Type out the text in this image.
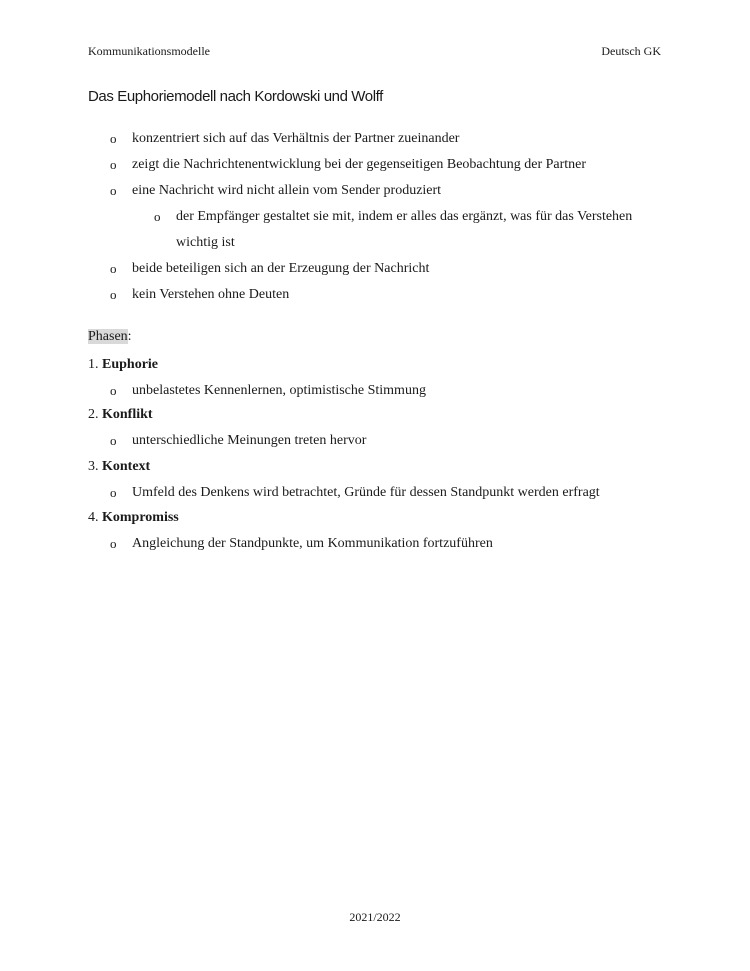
Kommunikationsmodelle	Deutsch GK
Das Euphoriemodell nach Kordowski und Wolff
o konzentriert sich auf das Verhältnis der Partner zueinander
o zeigt die Nachrichtenentwicklung bei der gegenseitigen Beobachtung der Partner
o eine Nachricht wird nicht allein vom Sender produziert
o der Empfänger gestaltet sie mit, indem er alles das ergänzt, was für das Verstehen
wichtig ist
o beide beteiligen sich an der Erzeugung der Nachricht
o kein Verstehen ohne Deuten
Phasen:
1. Euphorie
o unbelastetes Kennenlernen, optimistische Stimmung
2. Konflikt
o unterschiedliche Meinungen treten hervor
3. Kontext
o Umfeld des Denkens wird betrachtet, Gründe für dessen Standpunkt werden erfragt
4. Kompromiss
o Angleichung der Standpunkte, um Kommunikation fortzuführen
2021/2022
